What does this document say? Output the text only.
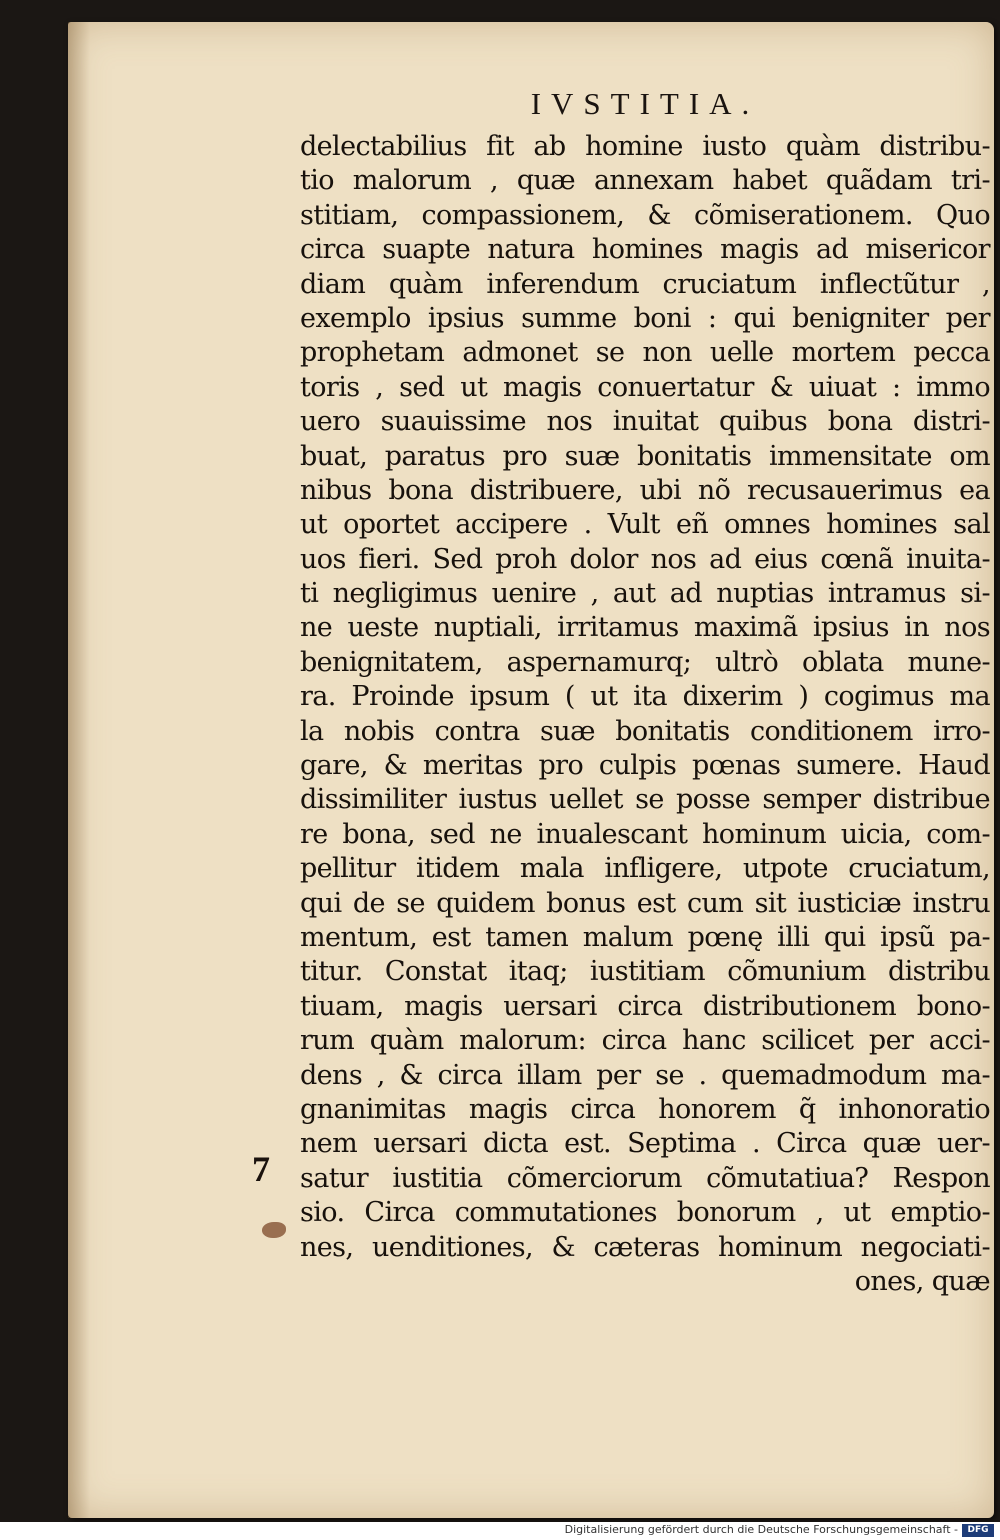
IVSTITIA.
delectabilius fit ab homine iusto quàm distribu-
tio malorum , quæ annexam habet quãdam tri-
stitiam, compassionem, & cõmiserationem. Quo
circa suapte natura homines magis ad misericor
diam quàm inferendum cruciatum inflectũtur ,
exemplo ipsius summe boni : qui benigniter per
prophetam admonet se non uelle mortem pecca
toris , sed ut magis conuertatur & uiuat : immo
uero suauissime nos inuitat quibus bona distri-
buat, paratus pro suæ bonitatis immensitate om
nibus bona distribuere, ubi nõ recusauerimus ea
ut oportet accipere . Vult eñ omnes homines sal
uos fieri. Sed proh dolor nos ad eius cœnã inuita-
ti negligimus uenire , aut ad nuptias intramus si-
ne ueste nuptiali, irritamus maximã ipsius in nos
benignitatem, aspernamurq; ultrò oblata mune-
ra. Proinde ipsum ( ut ita dixerim ) cogimus ma
la nobis contra suæ bonitatis conditionem irro-
gare, & meritas pro culpis pœnas sumere. Haud
dissimiliter iustus uellet se posse semper distribue
re bona, sed ne inualescant hominum uicia, com-
pellitur itidem mala infligere, utpote cruciatum,
qui de se quidem bonus est cum sit iusticiæ instru
mentum, est tamen malum pœnę illi qui ipsũ pa-
titur. Constat itaq; iustitiam cõmunium distribu
tiuam, magis uersari circa distributionem bono-
rum quàm malorum: circa hanc scilicet per acci-
dens , & circa illam per se . quemadmodum ma-
gnanimitas magis circa honorem q̃ inhonoratio
nem uersari dicta est. Septima . Circa quæ uer-
satur iustitia cõmerciorum cõmutatiua? Respon
sio. Circa commutationes bonorum , ut emptio-
nes, uenditiones, & cæteras hominum negociati-
ones, quæ
7
Digitalisierung gefördert durch die Deutsche Forschungsgemeinschaft -	DFG
